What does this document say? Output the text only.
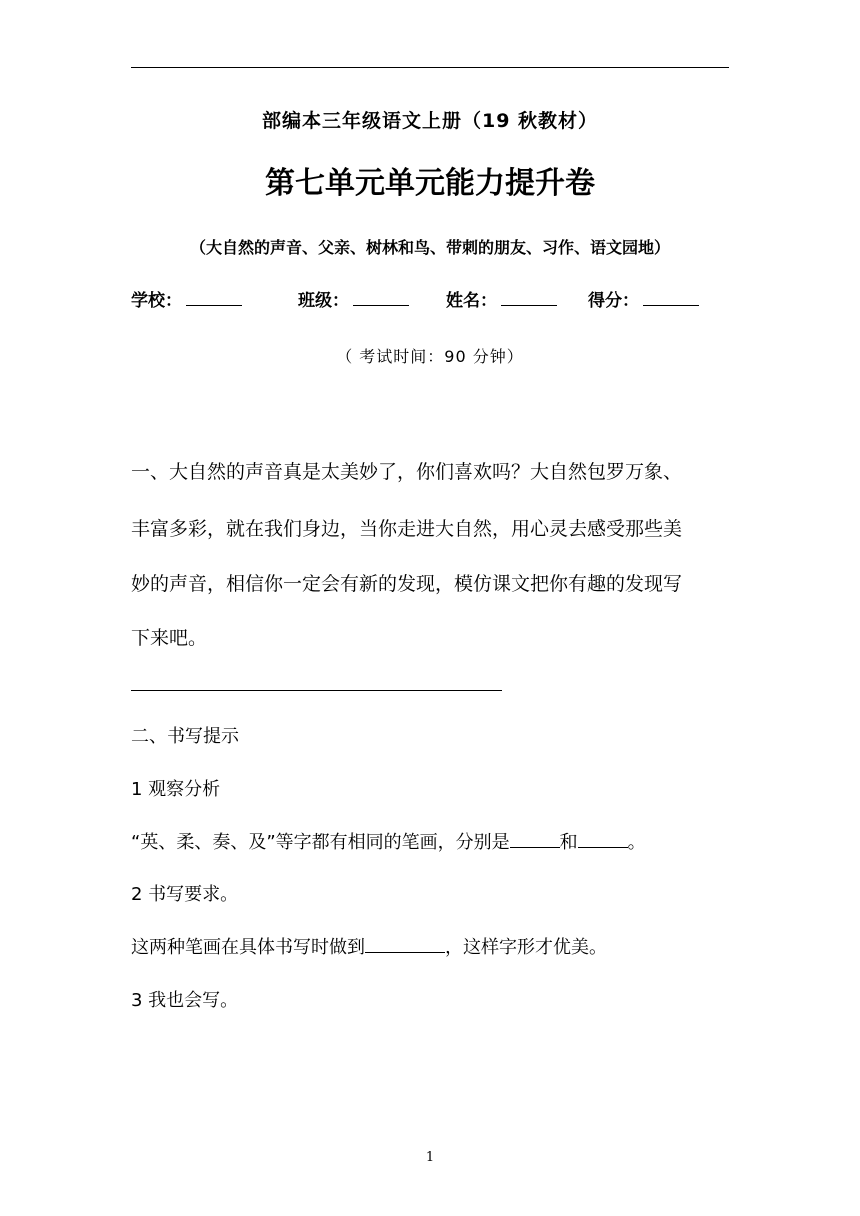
部编本三年级语文上册（19 秋教材）
第七单元单元能力提升卷
（大自然的声音、父亲、树林和鸟、带刺的朋友、习作、语文园地）
学校：	班级：	姓名：	得分：
（ 考试时间：90 分钟）
一、大自然的声音真是太美妙了，你们喜欢吗？大自然包罗万象、
丰富多彩，就在我们身边，当你走进大自然，用心灵去感受那些美
妙的声音，相信你一定会有新的发现，模仿课文把你有趣的发现写
下来吧。
二、书写提示
1 观察分析
“英、柔、奏、及”等字都有相同的笔画，分别是	和	。
2 书写要求。
这两种笔画在具体书写时做到	，这样字形才优美。
3 我也会写。
1
